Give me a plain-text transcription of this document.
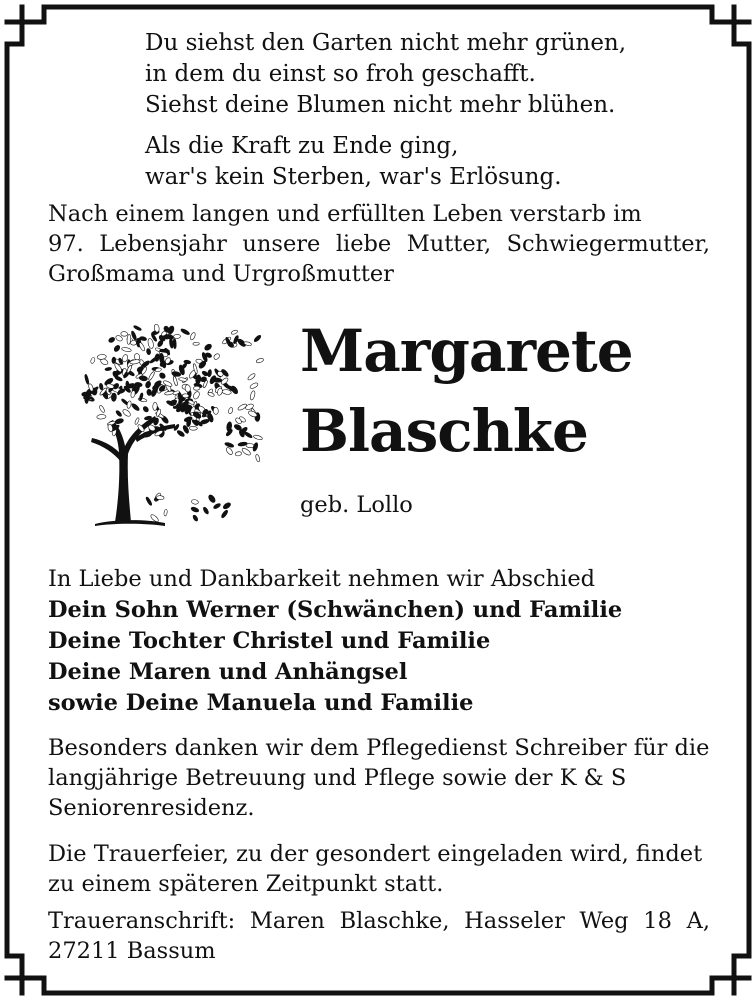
Du siehst den Garten nicht mehr grünen,
in dem du einst so froh geschafft.
Siehst deine Blumen nicht mehr blühen.
Als die Kraft zu Ende ging,
war's kein Sterben, war's Erlösung.
Nach einem langen und erfüllten Leben verstarb im
97. Lebensjahr unsere liebe Mutter, Schwiegermutter,
Großmama und Urgroßmutter
Margarete
Blaschke
geb. Lollo
In Liebe und Dankbarkeit nehmen wir Abschied
Dein Sohn Werner (Schwänchen) und Familie
Deine Tochter Christel und Familie
Deine Maren und Anhängsel
sowie Deine Manuela und Familie
Besonders danken wir dem Pflegedienst Schreiber für die
langjährige Betreuung und Pflege sowie der K & S
Seniorenresidenz.
Die Trauerfeier, zu der gesondert eingeladen wird, findet
zu einem späteren Zeitpunkt statt.
Traueranschrift: Maren Blaschke, Hasseler Weg 18 A,
27211 Bassum
